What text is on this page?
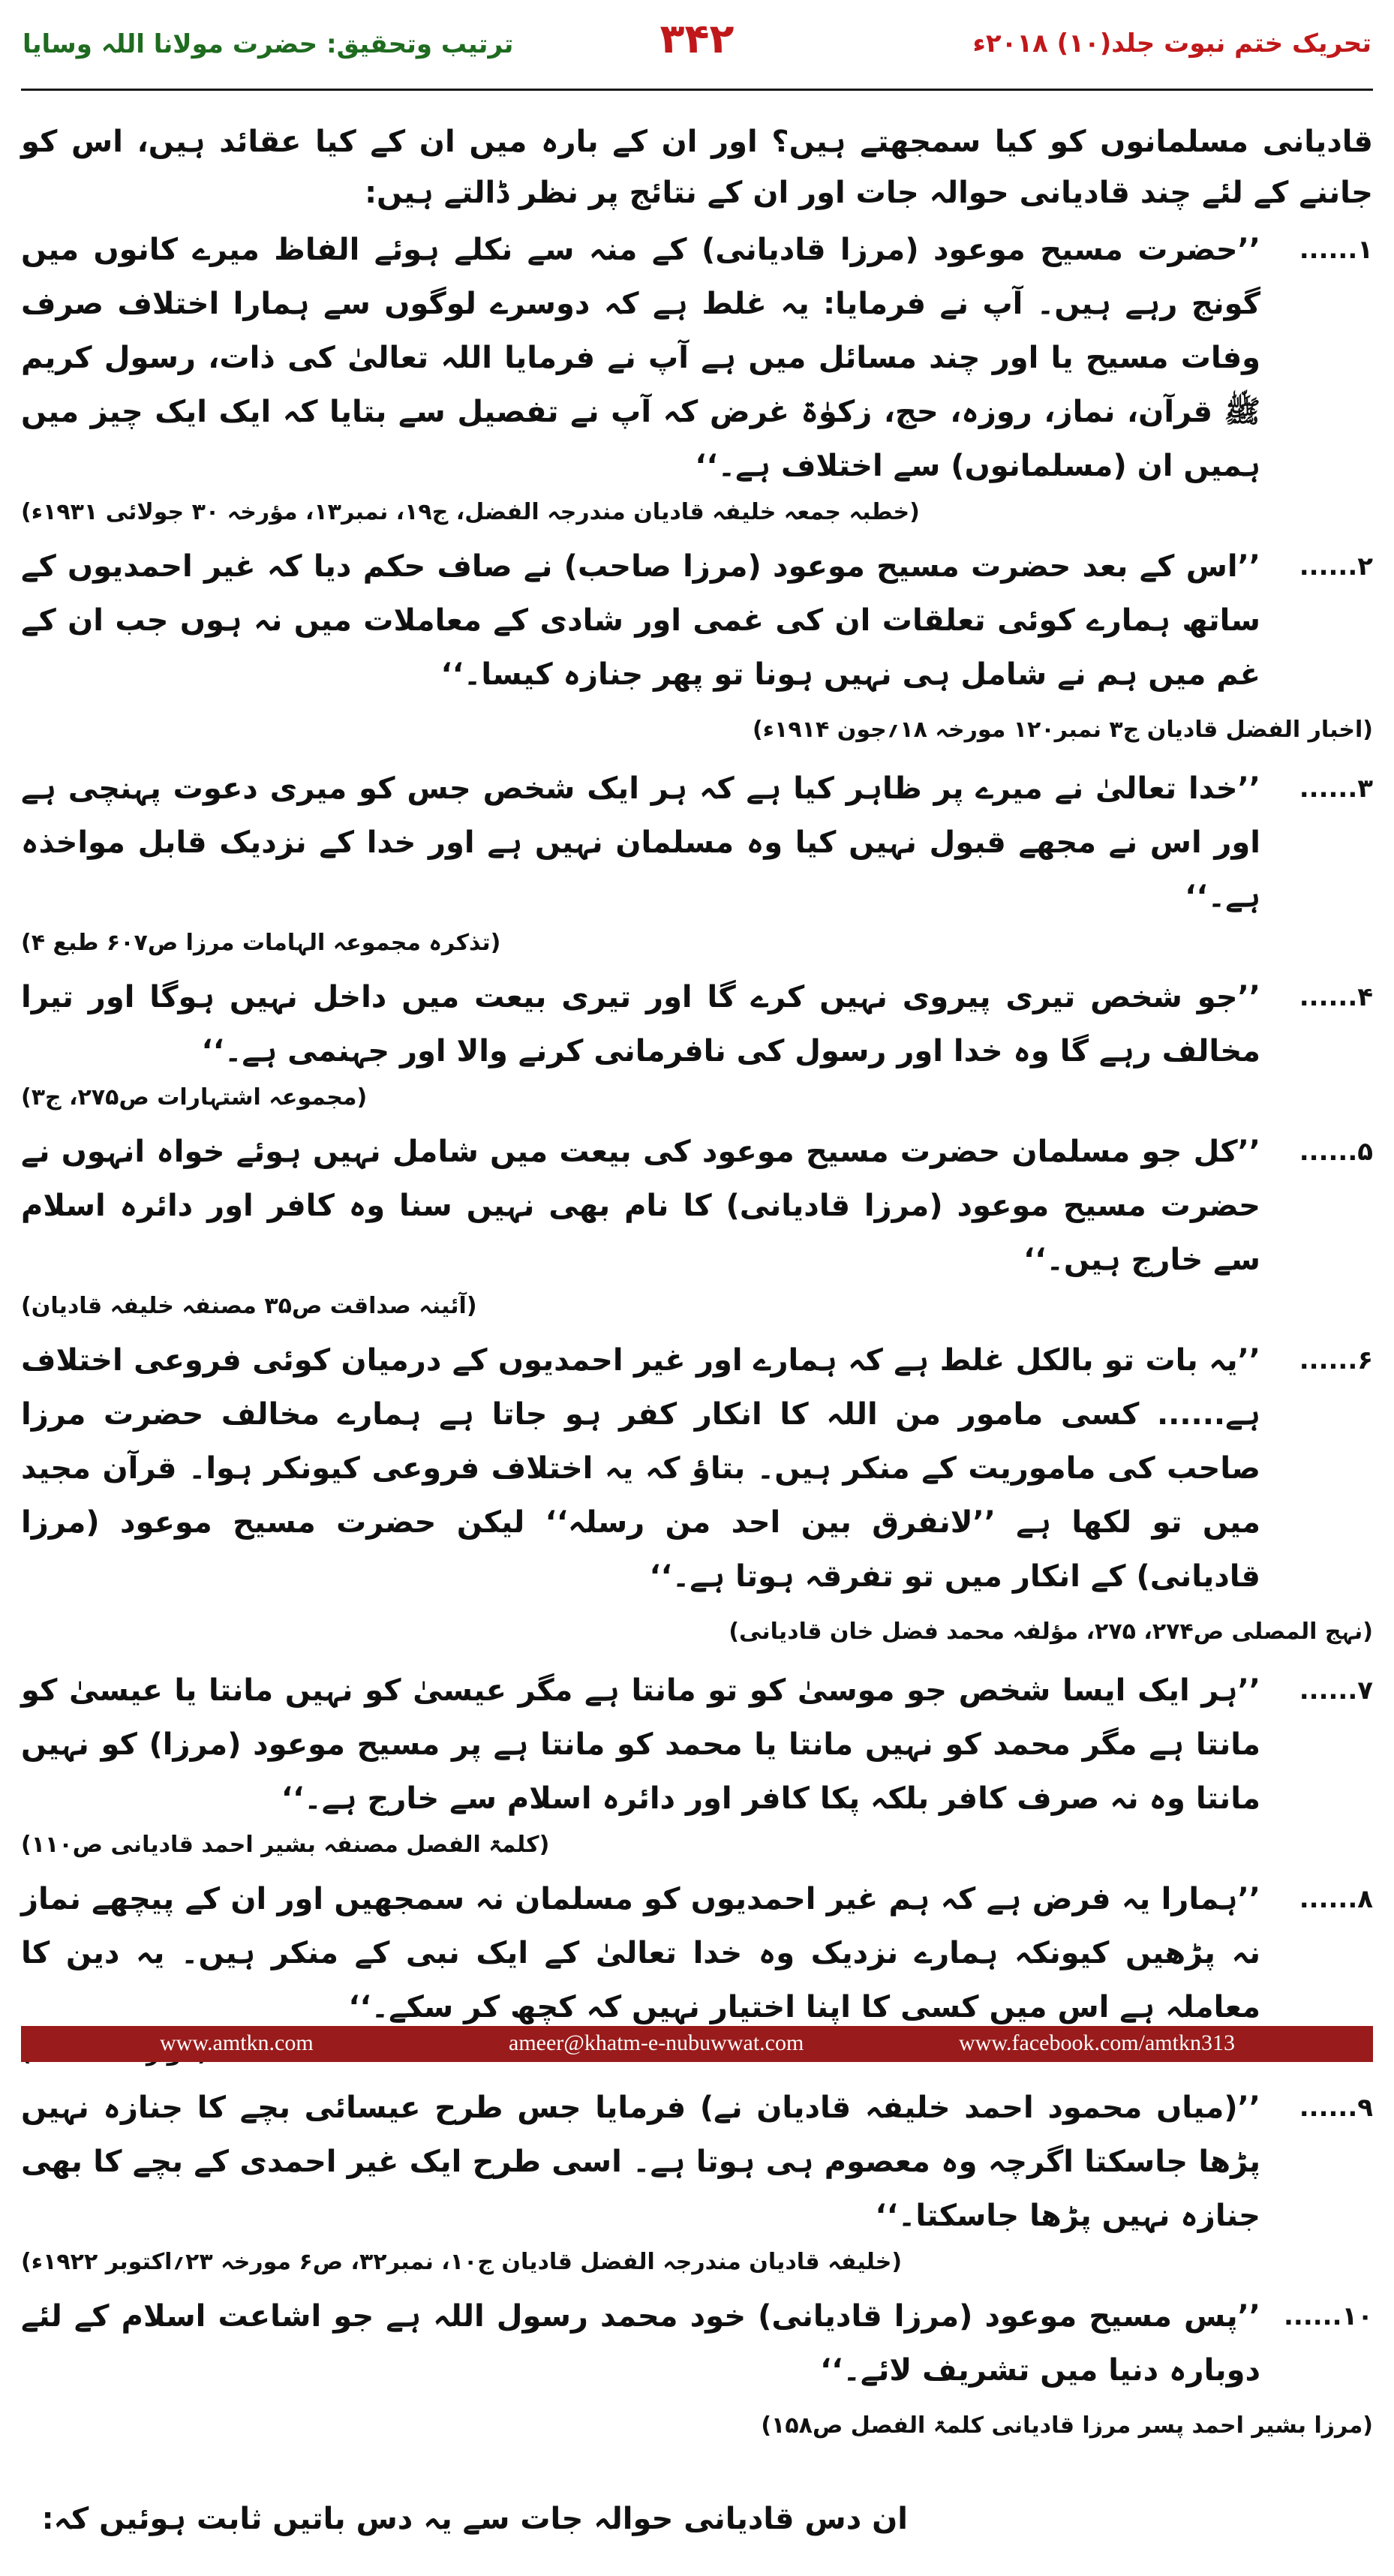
ترتیب وتحقیق: حضرت مولانا اللہ وسایا	۳۴۲	تحریک ختم نبوت جلد(۱۰) ۲۰۱۸ء

قادیانی مسلمانوں کو کیا سمجھتے ہیں؟ اور ان کے بارہ میں ان کے کیا عقائد ہیں، اس کو جاننے کے لئے چند قادیانی حوالہ جات اور ان کے نتائج پر نظر ڈالتے ہیں:

۱......
’’حضرت مسیح موعود (مرزا قادیانی) کے منہ سے نکلے ہوئے الفاظ میرے کانوں میں گونج رہے ہیں۔ آپ نے فرمایا: یہ غلط ہے کہ دوسرے لوگوں سے ہمارا اختلاف صرف وفات مسیح یا اور چند مسائل میں ہے آپ نے فرمایا اللہ تعالیٰ کی ذات، رسول کریم ﷺ قرآن، نماز، روزہ، حج، زکوٰۃ غرض کہ آپ نے تفصیل سے بتایا کہ ایک ایک چیز میں ہمیں ان (مسلمانوں) سے اختلاف ہے۔‘‘
(خطبہ جمعہ خلیفہ قادیان مندرجہ الفضل، ج۱۹، نمبر۱۳، مؤرخہ ۳۰ جولائی ۱۹۳۱ء)
۲......
’’اس کے بعد حضرت مسیح موعود (مرزا صاحب) نے صاف حکم دیا کہ غیر احمدیوں کے ساتھ ہمارے کوئی تعلقات ان کی غمی اور شادی کے معاملات میں نہ ہوں جب ان کے غم میں ہم نے شامل ہی نہیں ہونا تو پھر جنازہ کیسا۔‘‘
(اخبار الفضل قادیان ج۳ نمبر۱۲۰ مورخہ ۱۸؍جون ۱۹۱۴ء)
۳......
’’خدا تعالیٰ نے میرے پر ظاہر کیا ہے کہ ہر ایک شخص جس کو میری دعوت پہنچی ہے اور اس نے مجھے قبول نہیں کیا وہ مسلمان نہیں ہے اور خدا کے نزدیک قابل مواخذہ ہے۔‘‘
(تذکرہ مجموعہ الہامات مرزا ص۶۰۷ طبع ۴)
۴......
’’جو شخص تیری پیروی نہیں کرے گا اور تیری بیعت میں داخل نہیں ہوگا اور تیرا مخالف رہے گا وہ خدا اور رسول کی نافرمانی کرنے والا اور جہنمی ہے۔‘‘
(مجموعہ اشتہارات ص۲۷۵، ج۳)
۵......
’’کل جو مسلمان حضرت مسیح موعود کی بیعت میں شامل نہیں ہوئے خواہ انہوں نے حضرت مسیح موعود (مرزا قادیانی) کا نام بھی نہیں سنا وہ کافر اور دائرہ اسلام سے خارج ہیں۔‘‘
(آئینہ صداقت ص۳۵ مصنفہ خلیفہ قادیان)
۶......
’’یہ بات تو بالکل غلط ہے کہ ہمارے اور غیر احمدیوں کے درمیان کوئی فروعی اختلاف ہے...... کسی مامور من اللہ کا انکار کفر ہو جاتا ہے ہمارے مخالف حضرت مرزا صاحب کی ماموریت کے منکر ہیں۔ بتاؤ کہ یہ اختلاف فروعی کیونکر ہوا۔ قرآن مجید میں تو لکھا ہے ’’لانفرق بین احد من رسلہ‘‘ لیکن حضرت مسیح موعود (مرزا قادیانی) کے انکار میں تو تفرقہ ہوتا ہے۔‘‘
(نہج المصلی ص۲۷۴، ۲۷۵، مؤلفہ محمد فضل خان قادیانی)
۷......
’’ہر ایک ایسا شخص جو موسیٰ کو تو مانتا ہے مگر عیسیٰ کو نہیں مانتا یا عیسیٰ کو مانتا ہے مگر محمد کو نہیں مانتا یا محمد کو مانتا ہے پر مسیح موعود (مرزا) کو نہیں مانتا وہ نہ صرف کافر بلکہ پکا کافر اور دائرہ اسلام سے خارج ہے۔‘‘
(کلمۃ الفصل مصنفہ بشیر احمد قادیانی ص۱۱۰)
۸......
’’ہمارا یہ فرض ہے کہ ہم غیر احمدیوں کو مسلمان نہ سمجھیں اور ان کے پیچھے نماز نہ پڑھیں کیونکہ ہمارے نزدیک وہ خدا تعالیٰ کے ایک نبی کے منکر ہیں۔ یہ دین کا معاملہ ہے اس میں کسی کا اپنا اختیار نہیں کہ کچھ کر سکے۔‘‘
۹......
’’(میاں محمود احمد خلیفہ قادیان نے) فرمایا جس طرح عیسائی بچے کا جنازہ نہیں پڑھا جاسکتا اگرچہ وہ معصوم ہی ہوتا ہے۔ اسی طرح ایک غیر احمدی کے بچے کا بھی جنازہ نہیں پڑھا جاسکتا۔‘‘
(خلیفہ قادیان مندرجہ الفضل قادیان ج۱۰، نمبر۳۲، ص۶ مورخہ ۲۳؍اکتوبر ۱۹۲۲ء)
۱۰......
’’پس مسیح موعود (مرزا قادیانی) خود محمد رسول اللہ ہے جو اشاعت اسلام کے لئے دوبارہ دنیا میں تشریف لائے۔‘‘
(مرزا بشیر احمد پسر مرزا قادیانی کلمۃ الفصل ص۱۵۸)

ان دس قادیانی حوالہ جات سے یہ دس باتیں ثابت ہوئیں کہ:

www.amtkn.com	ameer@khatm-e-nubuwwat.com	www.facebook.com/amtkn313
